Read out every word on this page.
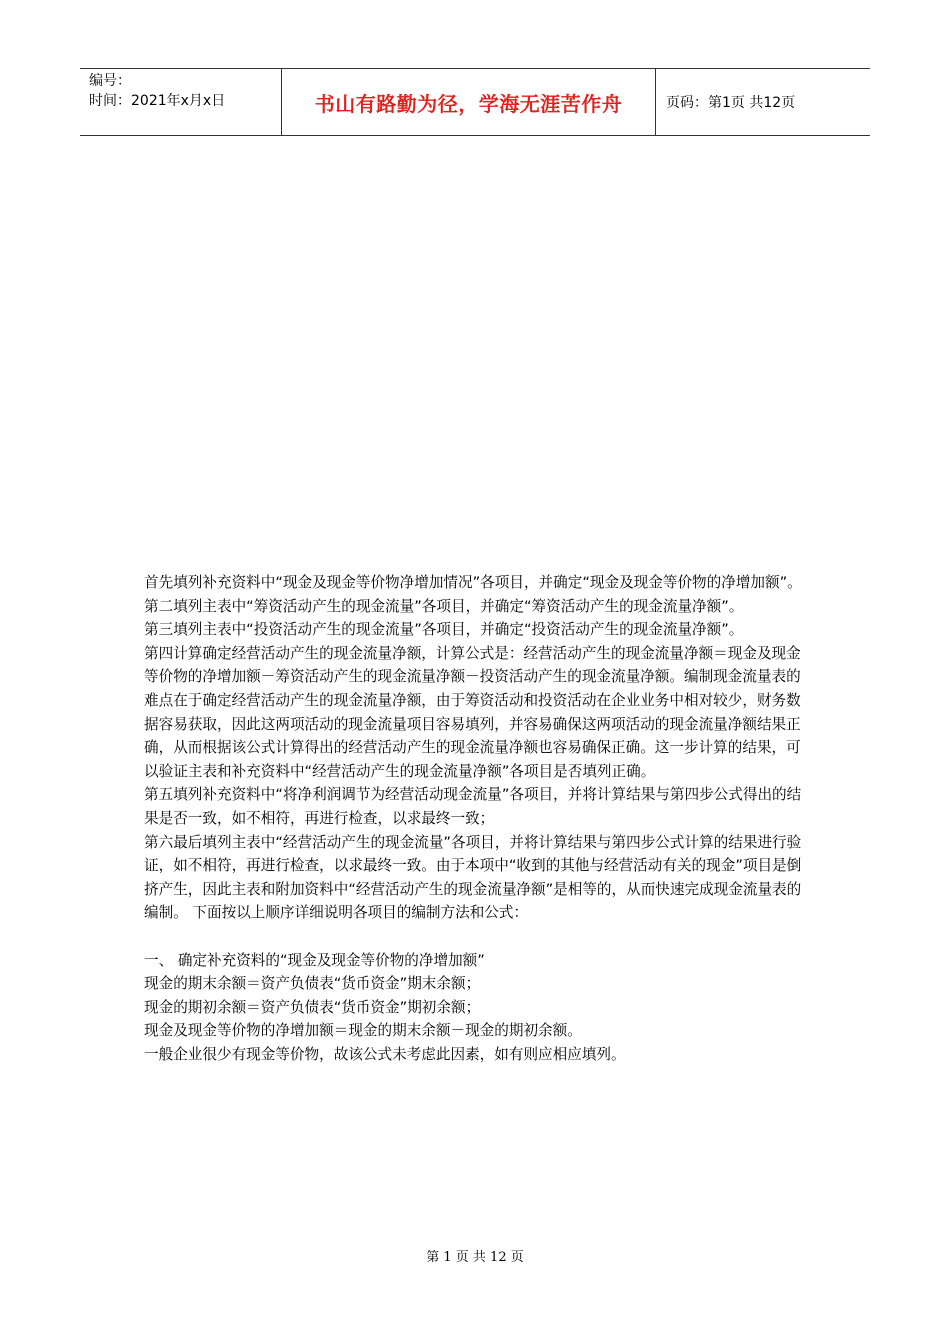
编号：
时间：2021年x月x日	书山有路勤为径，学海无涯苦作舟	页码：第1页 共12页

首先填列补充资料中“现金及现金等价物净增加情况”各项目，并确定“现金及现金等价物的净增加额”。

第二填列主表中“筹资活动产生的现金流量”各项目，并确定“筹资活动产生的现金流量净额”。

第三填列主表中“投资活动产生的现金流量”各项目，并确定“投资活动产生的现金流量净额”。

第四计算确定经营活动产生的现金流量净额，计算公式是：经营活动产生的现金流量净额＝现金及现金等价物的净增加额－筹资活动产生的现金流量净额－投资活动产生的现金流量净额。编制现金流量表的难点在于确定经营活动产生的现金流量净额，由于筹资活动和投资活动在企业业务中相对较少，财务数据容易获取，因此这两项活动的现金流量项目容易填列，并容易确保这两项活动的现金流量净额结果正确，从而根据该公式计算得出的经营活动产生的现金流量净额也容易确保正确。这一步计算的结果，可以验证主表和补充资料中“经营活动产生的现金流量净额”各项目是否填列正确。

第五填列补充资料中“将净利润调节为经营活动现金流量”各项目，并将计算结果与第四步公式得出的结果是否一致，如不相符，再进行检查，以求最终一致；

第六最后填列主表中“经营活动产生的现金流量”各项目，并将计算结果与第四步公式计算的结果进行验证，如不相符，再进行检查，以求最终一致。由于本项中“收到的其他与经营活动有关的现金”项目是倒挤产生，因此主表和附加资料中“经营活动产生的现金流量净额”是相等的，从而快速完成现金流量表的编制。 下面按以上顺序详细说明各项目的编制方法和公式：

一、 确定补充资料的“现金及现金等价物的净增加额”

现金的期末余额＝资产负债表“货币资金”期末余额；

现金的期初余额＝资产负债表“货币资金”期初余额；

现金及现金等价物的净增加额＝现金的期末余额－现金的期初余额。

一般企业很少有现金等价物，故该公式未考虑此因素，如有则应相应填列。

第 1 页 共 12 页
